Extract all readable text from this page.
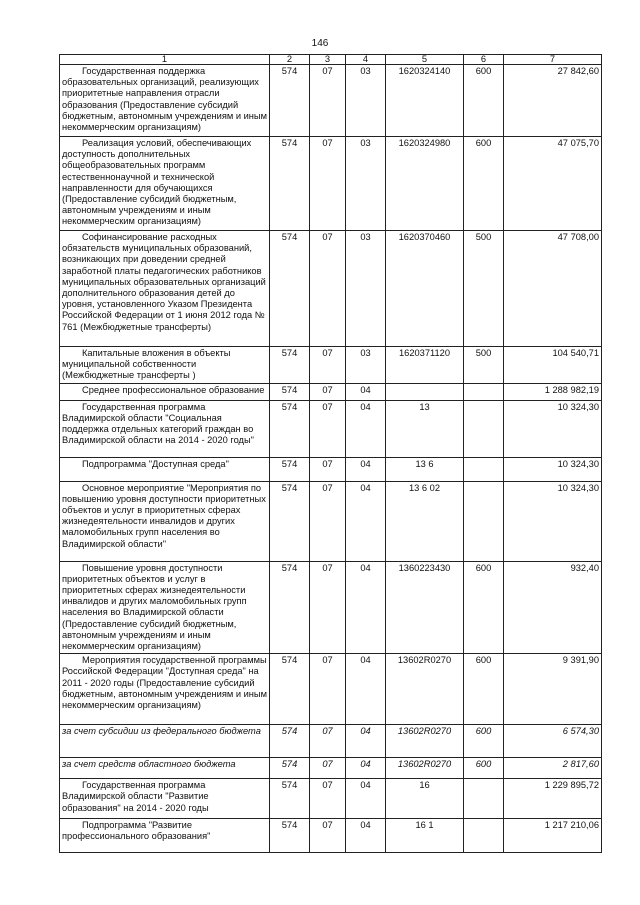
146
1	2	3	4	5	6	7
Государственная поддержка образовательных организаций, реализующих приоритетные направления отрасли образования (Предоставление субсидий бюджетным, автономным учреждениям и иным некоммерческим организациям)	574	07	03	1620324140	600	27 842,60
Реализация условий, обеспечивающих доступность дополнительных общеобразовательных программ естественнонаучной и технической направленности для обучающихся (Предоставление субсидий бюджетным, автономным учреждениям и иным некоммерческим организациям)	574	07	03	1620324980	600	47 075,70
Софинансирование расходных обязательств муниципальных образований, возникающих при доведении средней заработной платы педагогических работников муниципальных образовательных организаций дополнительного образования детей до уровня, установленного Указом Президента Российской Федерации от 1 июня 2012 года № 761 (Межбюджетные трансферты)	574	07	03	1620370460	500	47 708,00
Капитальные вложения в объекты муниципальной собственности (Межбюджетные трансферты )	574	07	03	1620371120	500	104 540,71
Среднее профессиональное образование	574	07	04			1 288 982,19
Государственная программа Владимирской области "Социальная поддержка отдельных категорий граждан во Владимирской области на 2014 - 2020 годы"	574	07	04	13		10 324,30
Подпрограмма "Доступная среда"	574	07	04	13 6		10 324,30
Основное мероприятие "Мероприятия по повышению уровня доступности приоритетных объектов и услуг в приоритетных сферах жизнедеятельности инвалидов и других маломобильных групп населения во Владимирской области"	574	07	04	13 6 02		10 324,30
Повышение уровня доступности приоритетных объектов и услуг в приоритетных сферах жизнедеятельности инвалидов и других маломобильных групп населения во Владимирской области (Предоставление субсидий бюджетным, автономным учреждениям и иным некоммерческим организациям)	574	07	04	1360223430	600	932,40
Мероприятия государственной программы Российской Федерации "Доступная среда" на 2011 - 2020 годы (Предоставление субсидий бюджетным, автономным учреждениям и иным некоммерческим организациям)	574	07	04	13602R0270	600	9 391,90
за счет субсидии из федерального бюджета	574	07	04	13602R0270	600	6 574,30
за счет средств областного бюджета	574	07	04	13602R0270	600	2 817,60
Государственная программа Владимирской области "Развитие образования" на 2014 - 2020 годы	574	07	04	16		1 229 895,72
Подпрограмма "Развитие профессионального образования"	574	07	04	16 1		1 217 210,06
